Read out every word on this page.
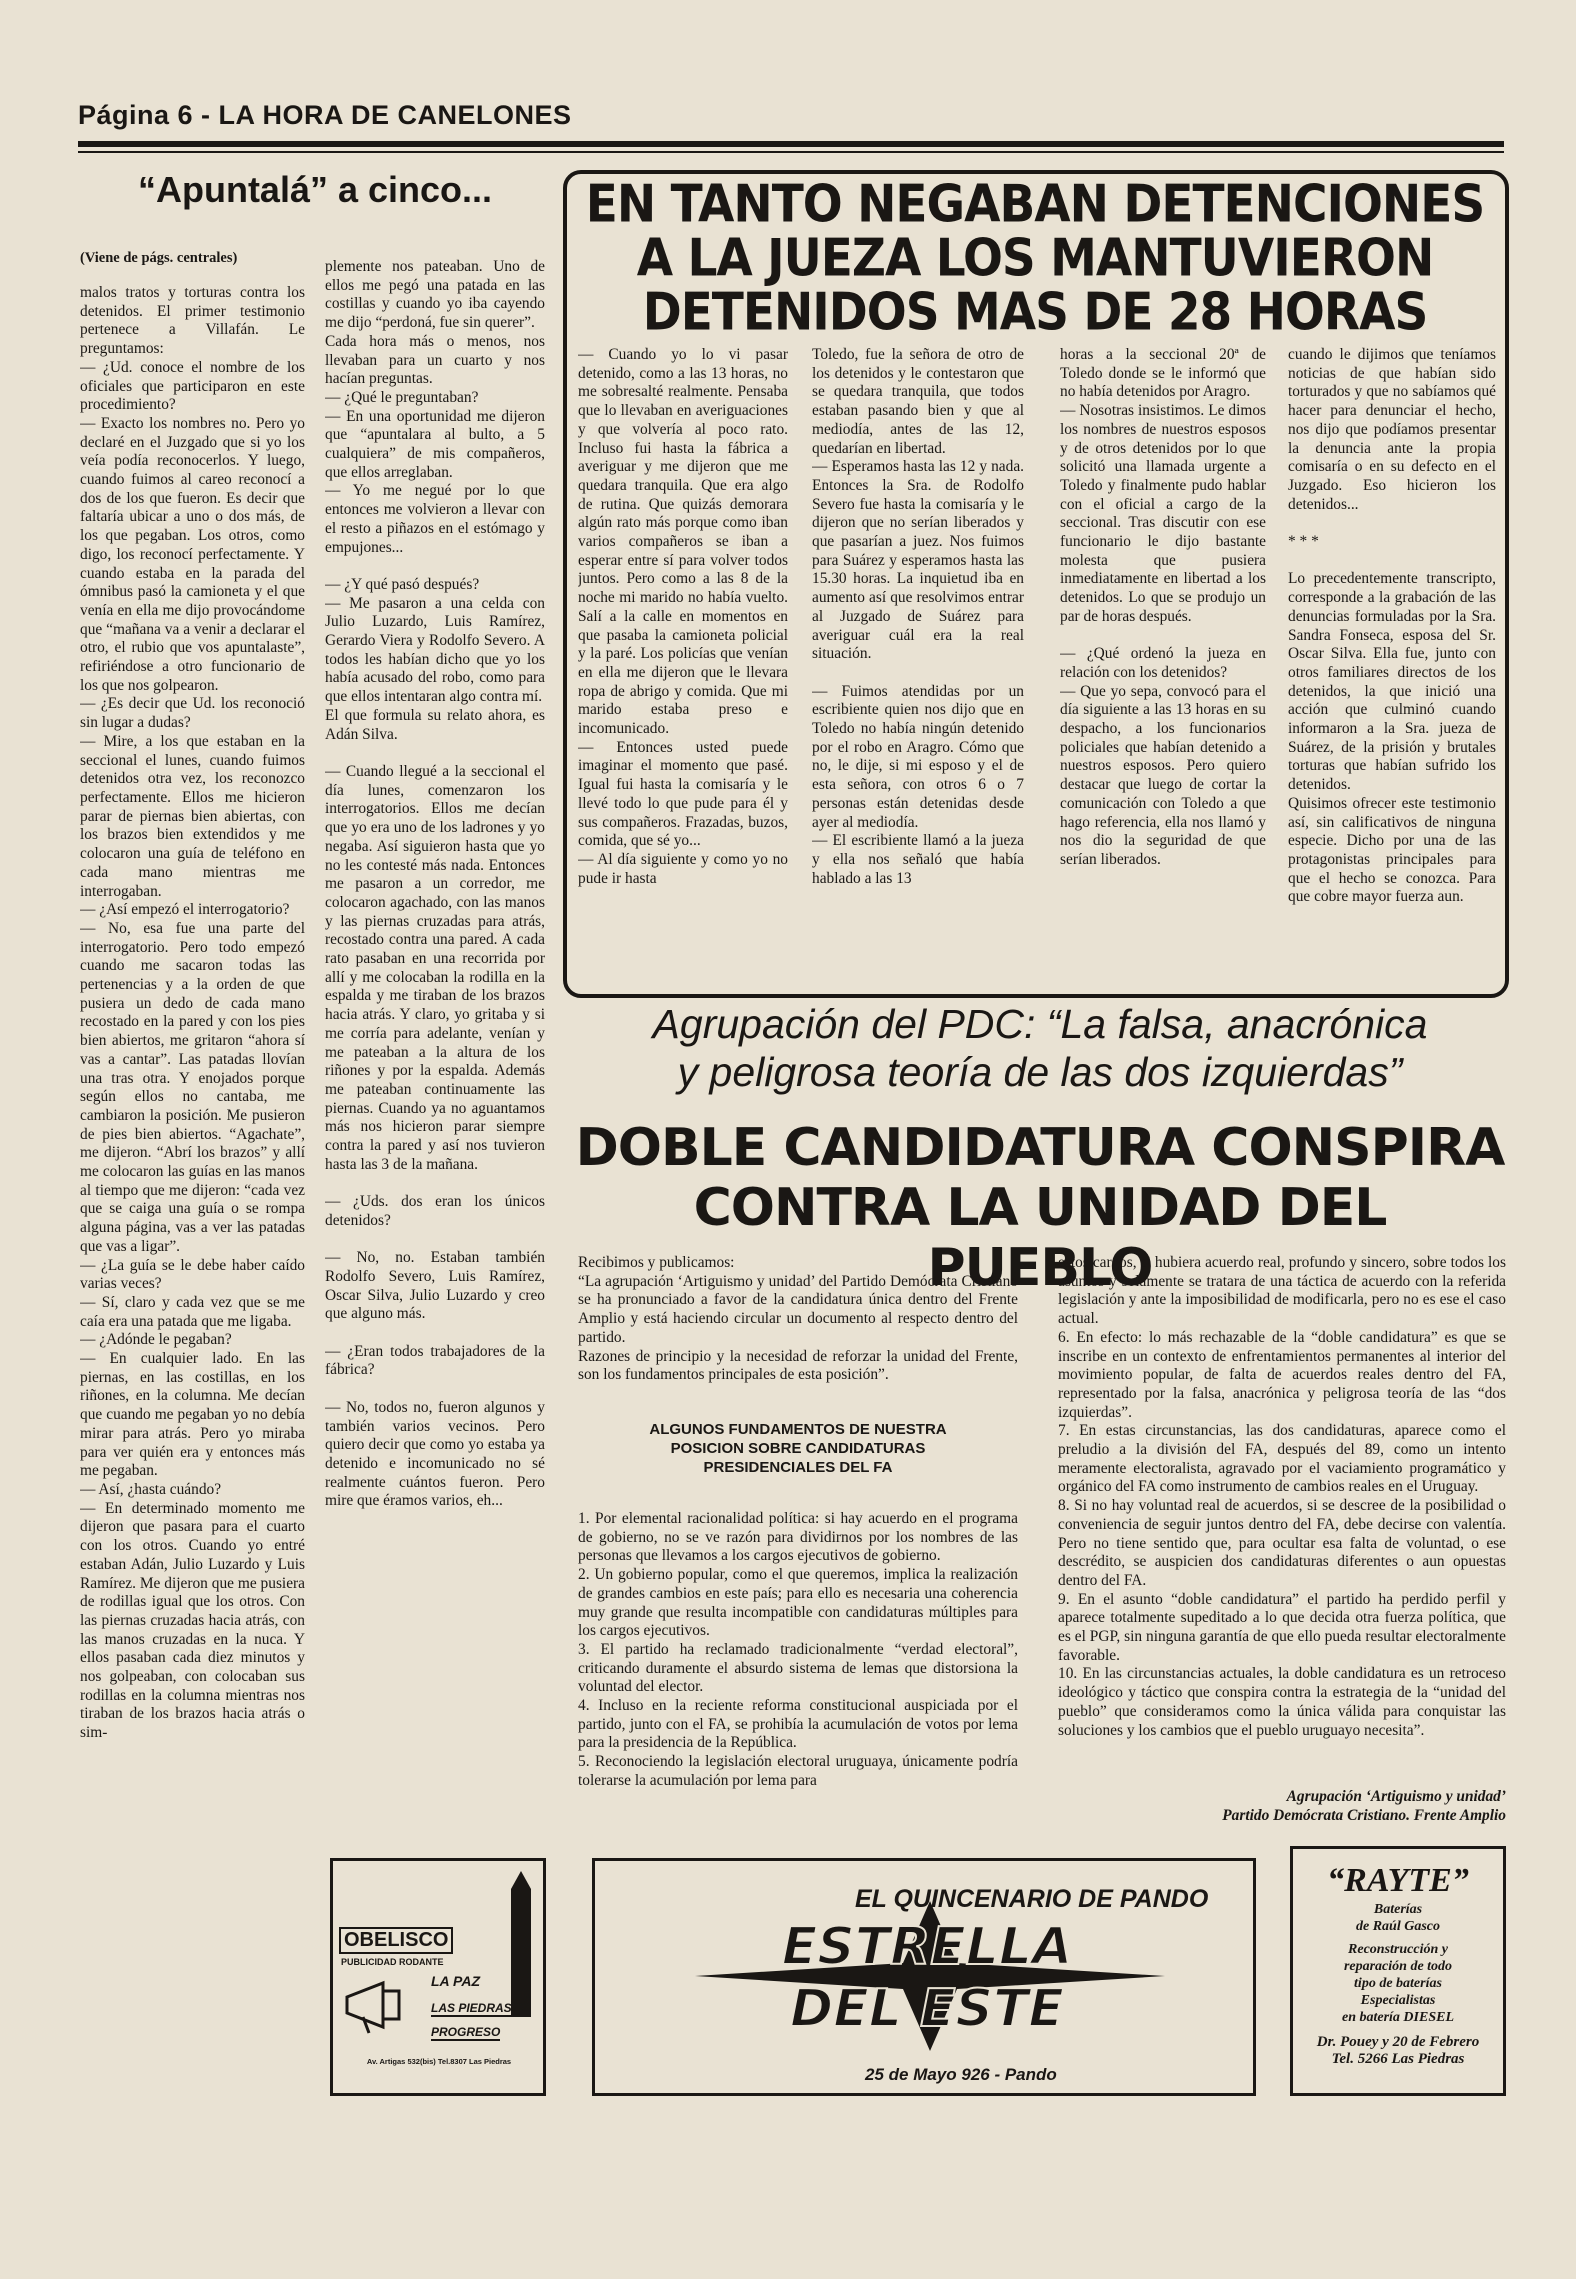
Página 6 - LA HORA DE CANELONES
“Apuntalá” a cinco...
(Viene de págs. centrales)
malos tratos y torturas contra los detenidos. El primer testimonio pertenece a Villafán. Le preguntamos:
— ¿Ud. conoce el nombre de los oficiales que participaron en este procedimiento?
— Exacto los nombres no. Pero yo declaré en el Juzgado que si yo los veía podía reconocerlos. Y luego, cuando fuimos al careo reconocí a dos de los que fueron. Es decir que faltaría ubicar a uno o dos más, de los que pegaban. Los otros, como digo, los reconocí perfectamente. Y cuando estaba en la parada del ómnibus pasó la camioneta y el que venía en ella me dijo provocándome que “mañana va a venir a declarar el otro, el rubio que vos apuntalaste”, refiriéndose a otro funcionario de los que nos golpearon.
— ¿Es decir que Ud. los reconoció sin lugar a dudas?
— Mire, a los que estaban en la seccional el lunes, cuando fuimos detenidos otra vez, los reconozco perfectamente. Ellos me hicieron parar de piernas bien abiertas, con los brazos bien extendidos y me colocaron una guía de teléfono en cada mano mientras me interrogaban.
— ¿Así empezó el interrogatorio?
— No, esa fue una parte del interrogatorio. Pero todo empezó cuando me sacaron todas las pertenencias y a la orden de que pusiera un dedo de cada mano recostado en la pared y con los pies bien abiertos, me gritaron “ahora sí vas a cantar”. Las patadas llovían una tras otra. Y enojados porque según ellos no cantaba, me cambiaron la posición. Me pusieron de pies bien abiertos. “Agachate”, me dijeron. “Abrí los brazos” y allí me colocaron las guías en las manos al tiempo que me dijeron: “cada vez que se caiga una guía o se rompa alguna página, vas a ver las patadas que vas a ligar”.
— ¿La guía se le debe haber caído varias veces?
— Sí, claro y cada vez que se me caía era una patada que me ligaba.
— ¿Adónde le pegaban?
— En cualquier lado. En las piernas, en las costillas, en los riñones, en la columna. Me decían que cuando me pegaban yo no debía mirar para atrás. Pero yo miraba para ver quién era y entonces más me pegaban.
— Así, ¿hasta cuándo?
— En determinado momento me dijeron que pasara para el cuarto con los otros. Cuando yo entré estaban Adán, Julio Luzardo y Luis Ramírez. Me dijeron que me pusiera de rodillas igual que los otros. Con las piernas cruzadas hacia atrás, con las manos cruzadas en la nuca. Y ellos pasaban cada diez minutos y nos golpeaban, con colocaban sus rodillas en la columna mientras nos tiraban de los brazos hacia atrás o sim-
plemente nos pateaban. Uno de ellos me pegó una patada en las costillas y cuando yo iba cayendo me dijo “perdoná, fue sin querer”.
Cada hora más o menos, nos llevaban para un cuarto y nos hacían preguntas.
— ¿Qué le preguntaban?
— En una oportunidad me dijeron que “apuntalara al bulto, a 5 cualquiera” de mis compañeros, que ellos arreglaban.
— Yo me negué por lo que entonces me volvieron a llevar con el resto a piñazos en el estómago y empujones...

— ¿Y qué pasó después?
— Me pasaron a una celda con Julio Luzardo, Luis Ramírez, Gerardo Viera y Rodolfo Severo. A todos les habían dicho que yo los había acusado del robo, como para que ellos intentaran algo contra mí.
El que formula su relato ahora, es Adán Silva.

— Cuando llegué a la seccional el día lunes, comenzaron los interrogatorios. Ellos me decían que yo era uno de los ladrones y yo negaba. Así siguieron hasta que yo no les contesté más nada. Entonces me pasaron a un corredor, me colocaron agachado, con las manos y las piernas cruzadas para atrás, recostado contra una pared. A cada rato pasaban en una recorrida por allí y me colocaban la rodilla en la espalda y me tiraban de los brazos hacia atrás. Y claro, yo gritaba y si me corría para adelante, venían y me pateaban a la altura de los riñones y por la espalda. Además me pateaban continuamente las piernas. Cuando ya no aguantamos más nos hicieron parar siempre contra la pared y así nos tuvieron hasta las 3 de la mañana.

— ¿Uds. dos eran los únicos detenidos?

— No, no. Estaban también Rodolfo Severo, Luis Ramírez, Oscar Silva, Julio Luzardo y creo que alguno más.

— ¿Eran todos trabajadores de la fábrica?

— No, todos no, fueron algunos y también varios vecinos. Pero quiero decir que como yo estaba ya detenido e incomunicado no sé realmente cuántos fueron. Pero mire que éramos varios, eh...
EN TANTO NEGABAN DETENCIONES
A LA JUEZA LOS MANTUVIERON
DETENIDOS MAS DE 28 HORAS
— Cuando yo lo vi pasar detenido, como a las 13 horas, no me sobresalté realmente. Pensaba que lo llevaban en averiguaciones y que volvería al poco rato. Incluso fui hasta la fábrica a averiguar y me dijeron que me quedara tranquila. Que era algo de rutina. Que quizás demorara algún rato más porque como iban varios compañeros se iban a esperar entre sí para volver todos juntos. Pero como a las 8 de la noche mi marido no había vuelto. Salí a la calle en momentos en que pasaba la camioneta policial y la paré. Los policías que venían en ella me dijeron que le llevara ropa de abrigo y comida. Que mi marido estaba preso e incomunicado.
— Entonces usted puede imaginar el momento que pasé. Igual fui hasta la comisaría y le llevé todo lo que pude para él y sus compañeros. Frazadas, buzos, comida, que sé yo...
— Al día siguiente y como yo no pude ir hasta
Toledo, fue la señora de otro de los detenidos y le contestaron que se quedara tranquila, que todos estaban pasando bien y que al mediodía, antes de las 12, quedarían en libertad.
— Esperamos hasta las 12 y nada. Entonces la Sra. de Rodolfo Severo fue hasta la comisaría y le dijeron que no serían liberados y que pasarían a juez. Nos fuimos para Suárez y esperamos hasta las 15.30 horas. La inquietud iba en aumento así que resolvimos entrar al Juzgado de Suárez para averiguar cuál era la real situación.

— Fuimos atendidas por un escribiente quien nos dijo que en Toledo no había ningún detenido por el robo en Aragro. Cómo que no, le dije, si mi esposo y el de esta señora, con otros 6 o 7 personas están detenidas desde ayer al mediodía.
— El escribiente llamó a la jueza y ella nos señaló que había hablado a las 13
horas a la seccional 20ª de Toledo donde se le informó que no había detenidos por Aragro.
— Nosotras insistimos. Le dimos los nombres de nuestros esposos y de otros detenidos por lo que solicitó una llamada urgente a Toledo y finalmente pudo hablar con el oficial a cargo de la seccional. Tras discutir con ese funcionario le dijo bastante molesta que pusiera inmediatamente en libertad a los detenidos. Lo que se produjo un par de horas después.

— ¿Qué ordenó la jueza en relación con los detenidos?
— Que yo sepa, convocó para el día siguiente a las 13 horas en su despacho, a los funcionarios policiales que habían detenido a nuestros esposos. Pero quiero destacar que luego de cortar la comunicación con Toledo a que hago referencia, ella nos llamó y nos dio la seguridad de que serían liberados.
cuando le dijimos que teníamos noticias de que habían sido torturados y que no sabíamos qué hacer para denunciar el hecho, nos dijo que podíamos presentar la denuncia ante la propia comisaría o en su defecto en el Juzgado. Eso hicieron los detenidos...

* * *

Lo precedentemente transcripto, corresponde a la grabación de las denuncias formuladas por la Sra. Sandra Fonseca, esposa del Sr. Oscar Silva. Ella fue, junto con otros familiares directos de los detenidos, la que inició una acción que culminó cuando informaron a la Sra. jueza de Suárez, de la prisión y brutales torturas que habían sufrido los detenidos.
Quisimos ofrecer este testimonio así, sin calificativos de ninguna especie. Dicho por una de las protagonistas principales para que el hecho se conozca. Para que cobre mayor fuerza aun.
Agrupación del PDC: “La falsa, anacrónica
y peligrosa teoría de las dos izquierdas”
DOBLE CANDIDATURA CONSPIRA
CONTRA LA UNIDAD DEL PUEBLO
Recibimos y publicamos:
“La agrupación ‘Artiguismo y unidad’ del Partido Demócrata Cristiano se ha pronunciado a favor de la candidatura única dentro del Frente Amplio y está haciendo circular un documento al respecto dentro del partido.
Razones de principio y la necesidad de reforzar la unidad del Frente, son los fundamentos principales de esta posición”.
ALGUNOS FUNDAMENTOS DE NUESTRA
POSICION SOBRE CANDIDATURAS
PRESIDENCIALES DEL FA
1. Por elemental racionalidad política: si hay acuerdo en el programa de gobierno, no se ve razón para dividirnos por los nombres de las personas que llevamos a los cargos ejecutivos de gobierno.
2. Un gobierno popular, como el que queremos, implica la realización de grandes cambios en este país; para ello es necesaria una coherencia muy grande que resulta incompatible con candidaturas múltiples para los cargos ejecutivos.
3. El partido ha reclamado tradicionalmente “verdad electoral”, criticando duramente el absurdo sistema de lemas que distorsiona la voluntad del elector.
4. Incluso en la reciente reforma constitucional auspiciada por el partido, junto con el FA, se prohibía la acumulación de votos por lema para la presidencia de la República.
5. Reconociendo la legislación electoral uruguaya, únicamente podría tolerarse la acumulación por lema para
estos cargos, si hubiera acuerdo real, profundo y sincero, sobre todos los asuntos y solamente se tratara de una táctica de acuerdo con la referida legislación y ante la imposibilidad de modificarla, pero no es ese el caso actual.
6. En efecto: lo más rechazable de la “doble candidatura” es que se inscribe en un contexto de enfrentamientos permanentes al interior del movimiento popular, de falta de acuerdos reales dentro del FA, representado por la falsa, anacrónica y peligrosa teoría de las “dos izquierdas”.
7. En estas circunstancias, las dos candidaturas, aparece como el preludio a la división del FA, después del 89, como un intento meramente electoralista, agravado por el vaciamiento programático y orgánico del FA como instrumento de cambios reales en el Uruguay.
8. Si no hay voluntad real de acuerdos, si se descree de la posibilidad o conveniencia de seguir juntos dentro del FA, debe decirse con valentía. Pero no tiene sentido que, para ocultar esa falta de voluntad, o ese descrédito, se auspicien dos candidaturas diferentes o aun opuestas dentro del FA.
9. En el asunto “doble candidatura” el partido ha perdido perfil y aparece totalmente supeditado a lo que decida otra fuerza política, que es el PGP, sin ninguna garantía de que ello pueda resultar electoralmente favorable.
10. En las circunstancias actuales, la doble candidatura es un retroceso ideológico y táctico que conspira contra la estrategia de la “unidad del pueblo” que consideramos como la única válida para conquistar las soluciones y los cambios que el pueblo uruguayo necesita”.
Agrupación ‘Artiguismo y unidad’
Partido Demócrata Cristiano. Frente Amplio
OBELISCO
PUBLICIDAD RODANTE
LA PAZ
LAS PIEDRAS
PROGRESO
Av. Artigas 532(bis) Tel.8307 Las Piedras
EL QUINCENARIO DE PANDO
ESTRELLA
DEL ESTE
25 de Mayo 926 - Pando
“RAYTE”
Baterías
de Raúl Gasco
Reconstrucción y
reparación de todo
tipo de baterías
Especialistas
en batería DIESEL
Dr. Pouey y 20 de Febrero
Tel. 5266 Las Piedras
